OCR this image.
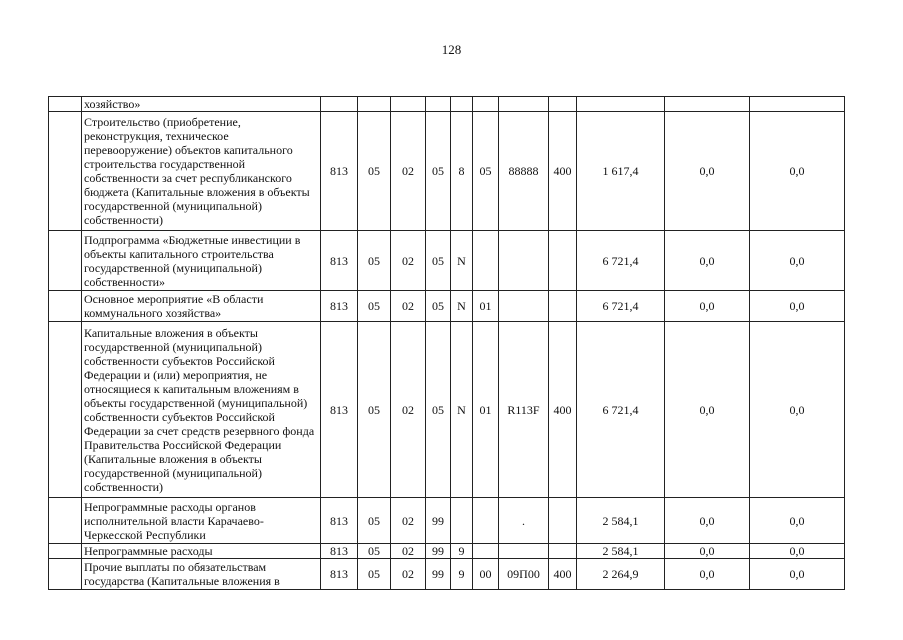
128
	хозяйство»											
	Строительство (приобретение, реконструкция, техническое перевооружение) объектов капитального строительства государственной собственности за счет республиканского бюджета (Капитальные вложения в объекты государственной (муниципальной) собственности)	813	05	02	05	8	05	88888	400	1 617,4	0,0	0,0
	Подпрограмма «Бюджетные инвестиции в объекты капитального строительства государственной (муниципальной) собственности»	813	05	02	05	N				6 721,4	0,0	0,0
	Основное мероприятие «В области коммунального хозяйства»	813	05	02	05	N	01			6 721,4	0,0	0,0
	Капитальные вложения в объекты государственной (муниципальной) собственности субъектов Российской Федерации и (или) мероприятия, не относящиеся к капитальным вложениям в объекты государственной (муниципальной) собственности субъектов Российской Федерации за счет средств резервного фонда Правительства Российской Федерации (Капитальные вложения в объекты государственной (муниципальной) собственности)	813	05	02	05	N	01	R113F	400	6 721,4	0,0	0,0
	Непрограммные расходы органов исполнительной власти Карачаево-Черкесской Республики	813	05	02	99			.		2 584,1	0,0	0,0
	Непрограммные расходы	813	05	02	99	9				2 584,1	0,0	0,0
	Прочие выплаты по обязательствам государства (Капитальные вложения в	813	05	02	99	9	00	09П00	400	2 264,9	0,0	0,0
